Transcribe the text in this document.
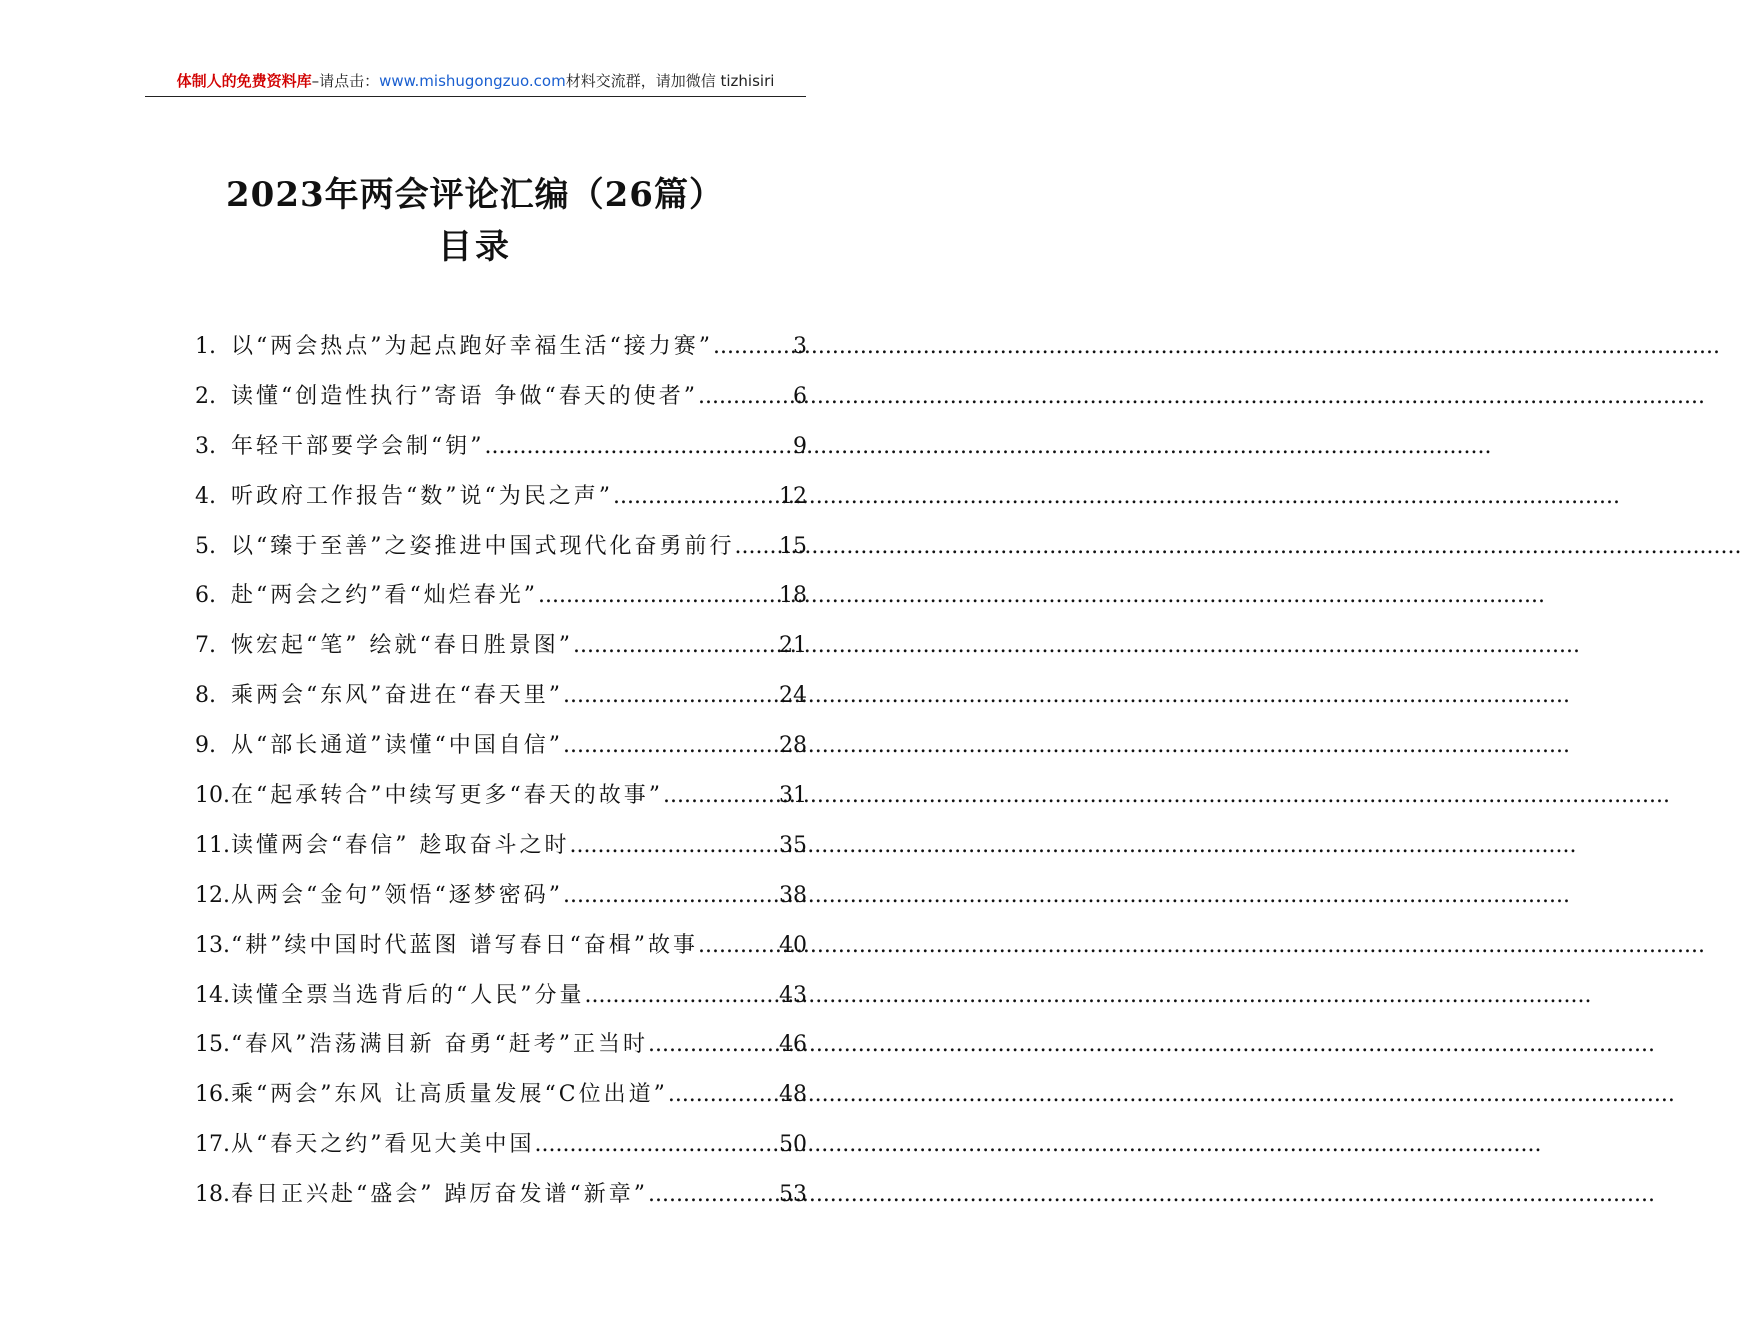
体制人的免费资料库–请点击：www.mishugongzuo.com材料交流群，请加微信 tizhisiri
2023年两会评论汇编（26篇）
目录
1. 以“两会热点”为起点跑好幸福生活“接力赛” .....	3
2. 读懂“创造性执行”寄语 争做“春天的使者” .....	6
3. 年轻干部要学会制“钥” .....	9
4. 听政府工作报告“数”说“为民之声” .....	12
5. 以“臻于至善”之姿推进中国式现代化奋勇前行 ..... 15
6. 赴“两会之约”看“灿烂春光” .....	18
7. 恢宏起“笔” 绘就“春日胜景图” .....	21
8. 乘两会“东风”奋进在“春天里” .....	24
9. 从“部长通道”读懂“中国自信” .....	28
10. 在“起承转合”中续写更多“春天的故事” .....	31
11. 读懂两会“春信” 趁取奋斗之时 .....	35
12. 从两会“金句”领悟“逐梦密码” .....	38
13. “耕”续中国时代蓝图 谱写春日“奋楫”故事 .....	40
14. 读懂全票当选背后的“人民”分量 .....	43
15. “春风”浩荡满目新 奋勇“赶考”正当时 .....	46
16. 乘“两会”东风 让高质量发展“C位出道” .....	48
17. 从“春天之约”看见大美中国 .....	50
18. 春日正兴赴“盛会” 踔厉奋发谱“新章” .....	53
